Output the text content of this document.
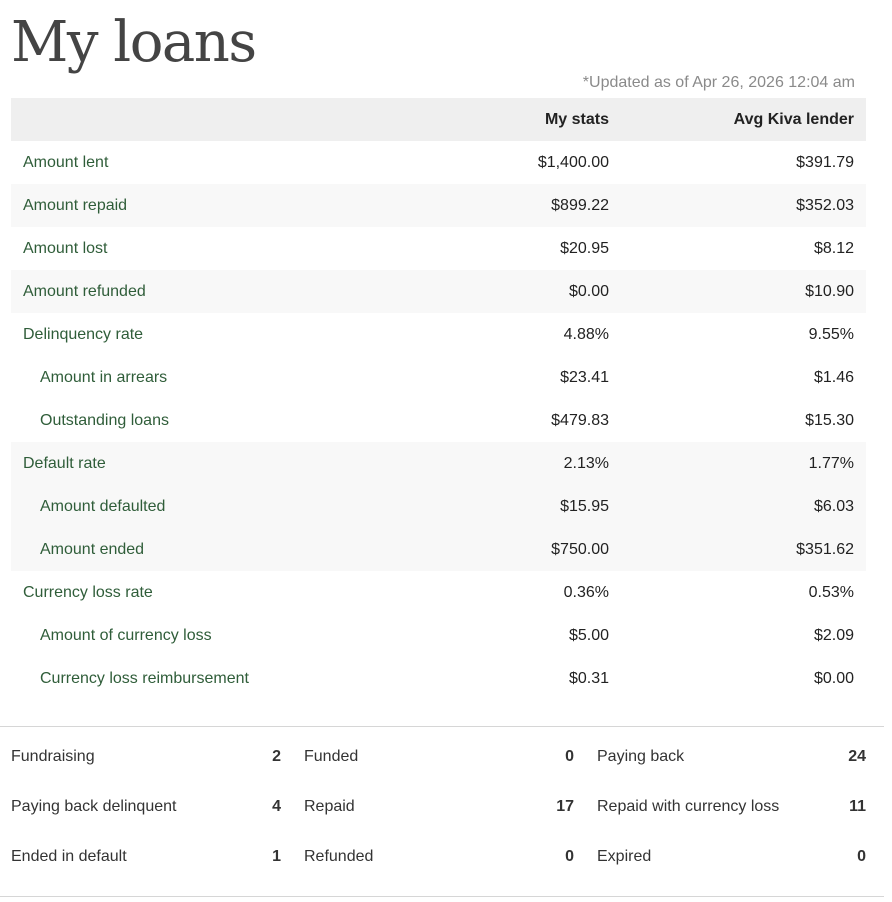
My loans
*Updated as of Apr 26, 2026 12:04 am
	My stats	Avg Kiva lender
Amount lent	$1,400.00	$391.79
Amount repaid	$899.22	$352.03
Amount lost	$20.95	$8.12
Amount refunded	$0.00	$10.90
Delinquency rate	4.88%	9.55%
Amount in arrears	$23.41	$1.46
Outstanding loans	$479.83	$15.30
Default rate	2.13%	1.77%
Amount defaulted	$15.95	$6.03
Amount ended	$750.00	$351.62
Currency loss rate	0.36%	0.53%
Amount of currency loss	$5.00	$2.09
Currency loss reimbursement	$0.31	$0.00
Fundraising	2 Funded	0 Paying back	24
Paying back delinquent	4 Repaid	17 Repaid with currency loss	11
Ended in default	1 Refunded	0 Expired	0
